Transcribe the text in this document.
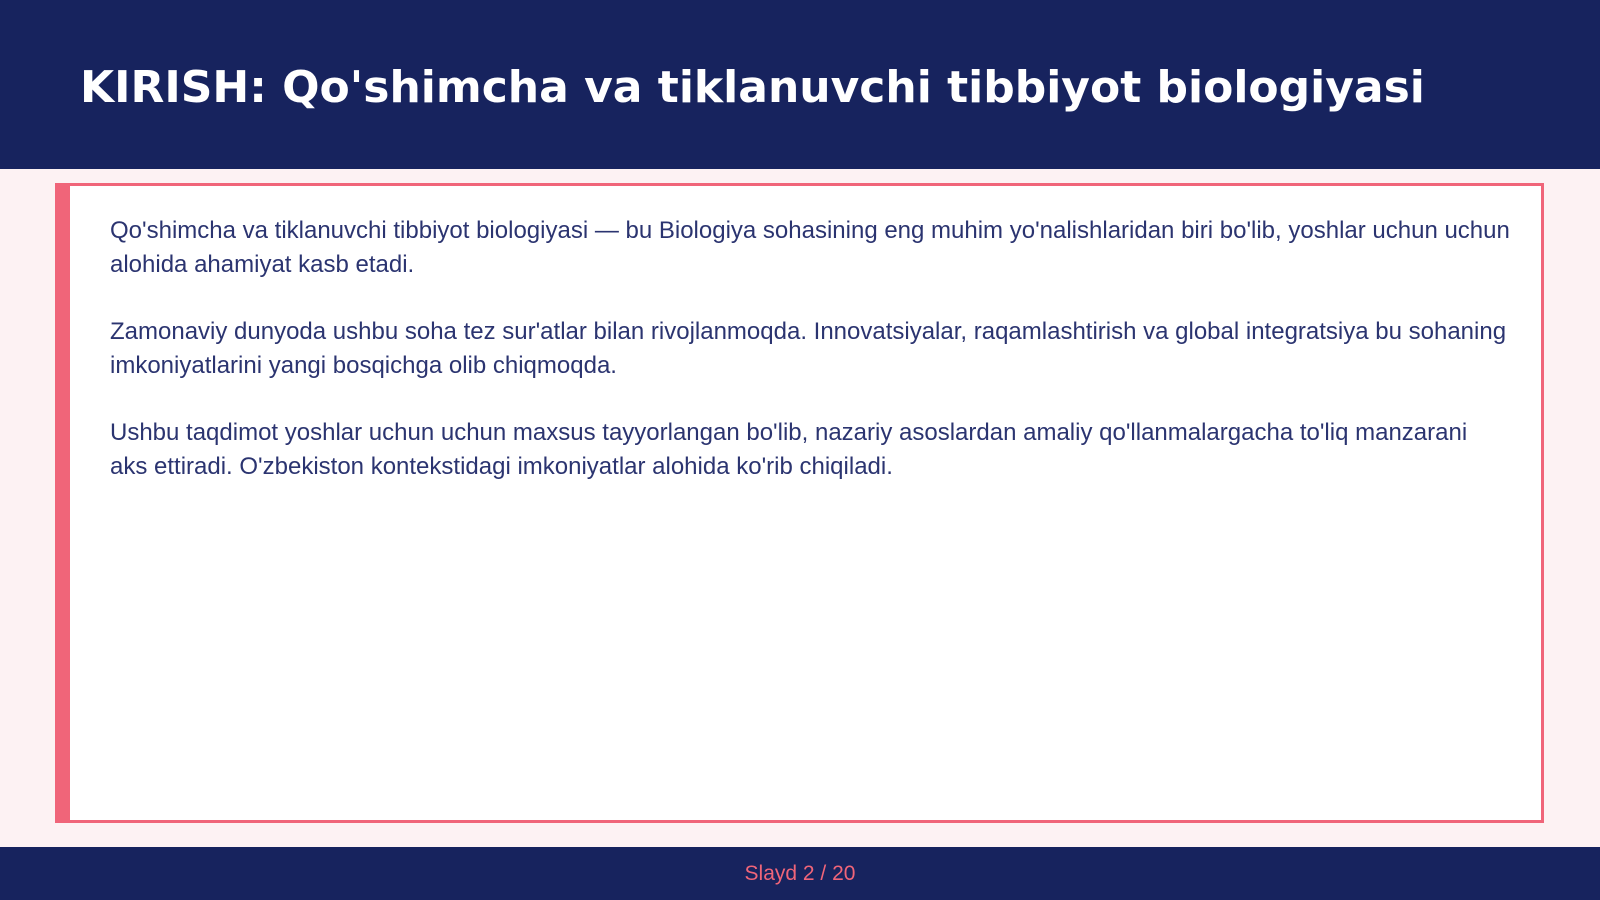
KIRISH: Qo'shimcha va tiklanuvchi tibbiyot biologiyasi

Qo'shimcha va tiklanuvchi tibbiyot biologiyasi — bu Biologiya sohasining eng muhim yo'nalishlaridan biri bo'lib, yoshlar uchun uchun alohida ahamiyat kasb etadi.

Zamonaviy dunyoda ushbu soha tez sur'atlar bilan rivojlanmoqda. Innovatsiyalar, raqamlashtirish va global integratsiya bu sohaning imkoniyatlarini yangi bosqichga olib chiqmoqda.

Ushbu taqdimot yoshlar uchun uchun maxsus tayyorlangan bo'lib, nazariy asoslardan amaliy qo'llanmalargacha to'liq manzarani aks ettiradi. O'zbekiston kontekstidagi imkoniyatlar alohida ko'rib chiqiladi.

Slayd 2 / 20
